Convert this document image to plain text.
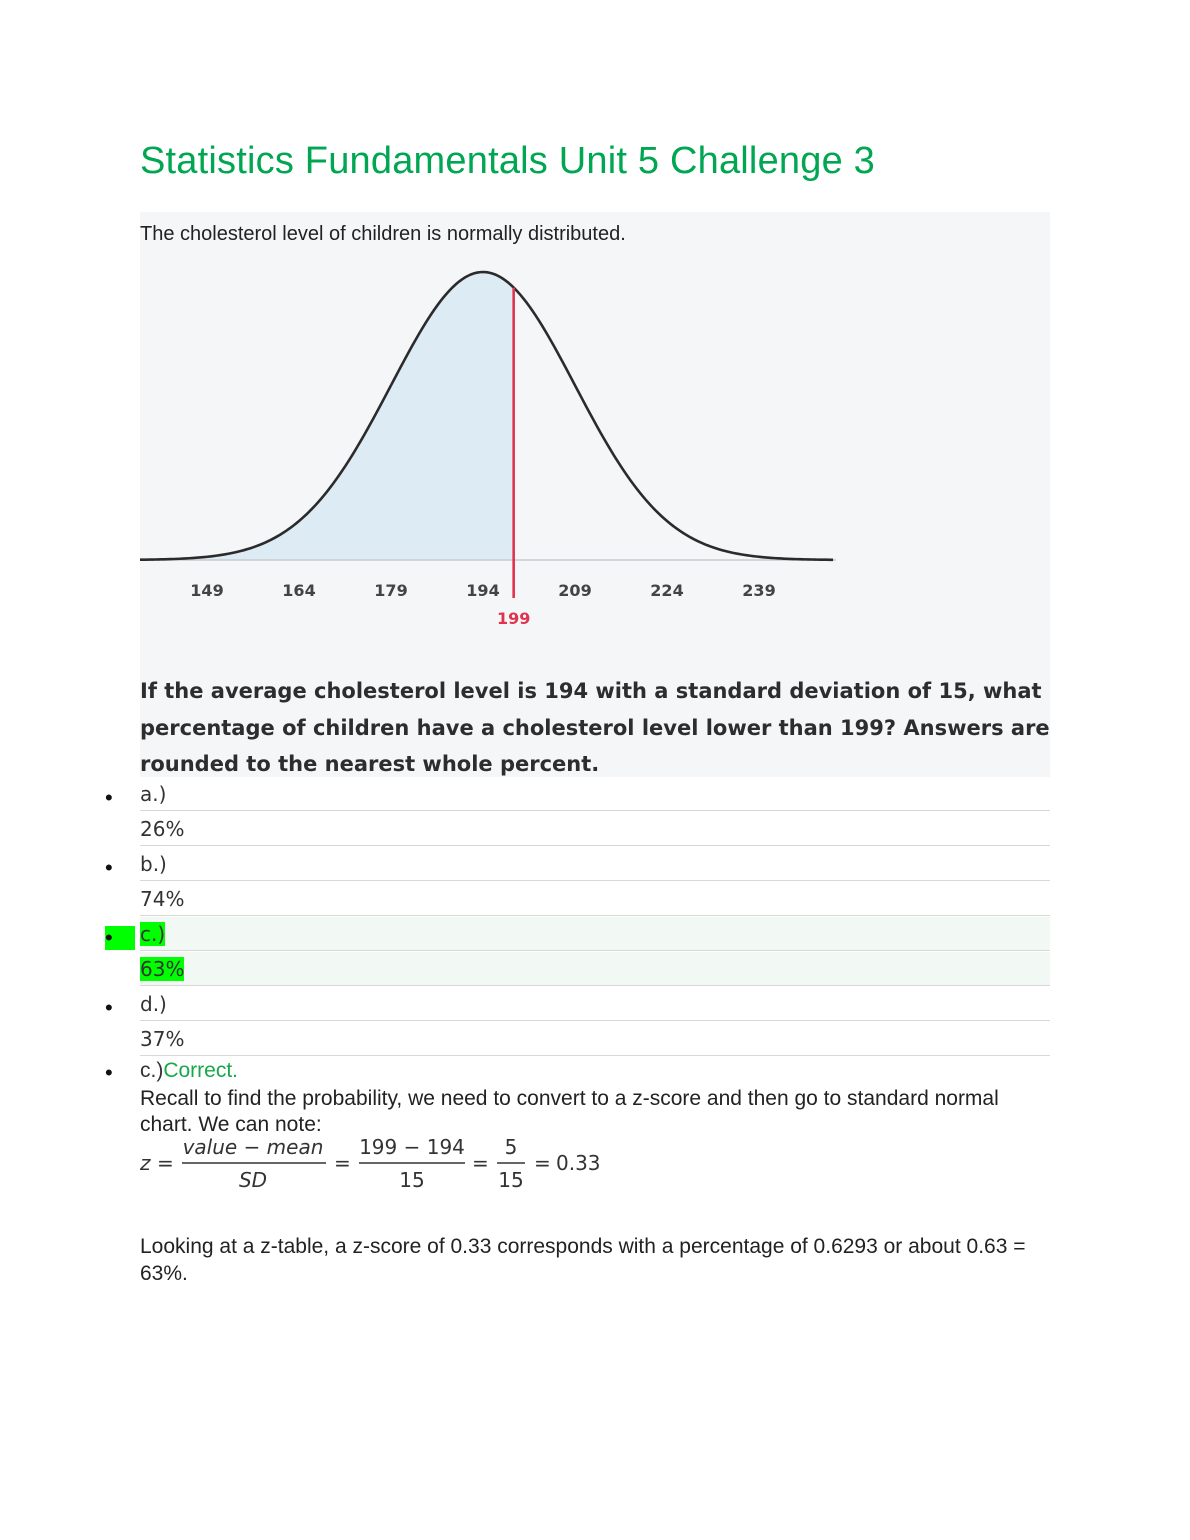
Statistics Fundamentals Unit 5 Challenge 3
The cholesterol level of children is normally distributed.
149	164	179	194	209	224	239
199

If the average cholesterol level is 194 with a standard deviation of 15, what percentage of children have a cholesterol level lower than 199? Answers are rounded to the nearest whole percent.

•	a.)
26%
•	b.)
74%
c.)
63%
•
•	d.)
37%
• c.)Correct.
Recall to find the probability, we need to convert to a z-score and then go to standard normal chart. We can note:
z =
value − mean
SD
=
199 − 194
15
=
5
15
= 0.33
Looking at a z-table, a z-score of 0.33 corresponds with a percentage of 0.6293 or about 0.63 = 63%.
